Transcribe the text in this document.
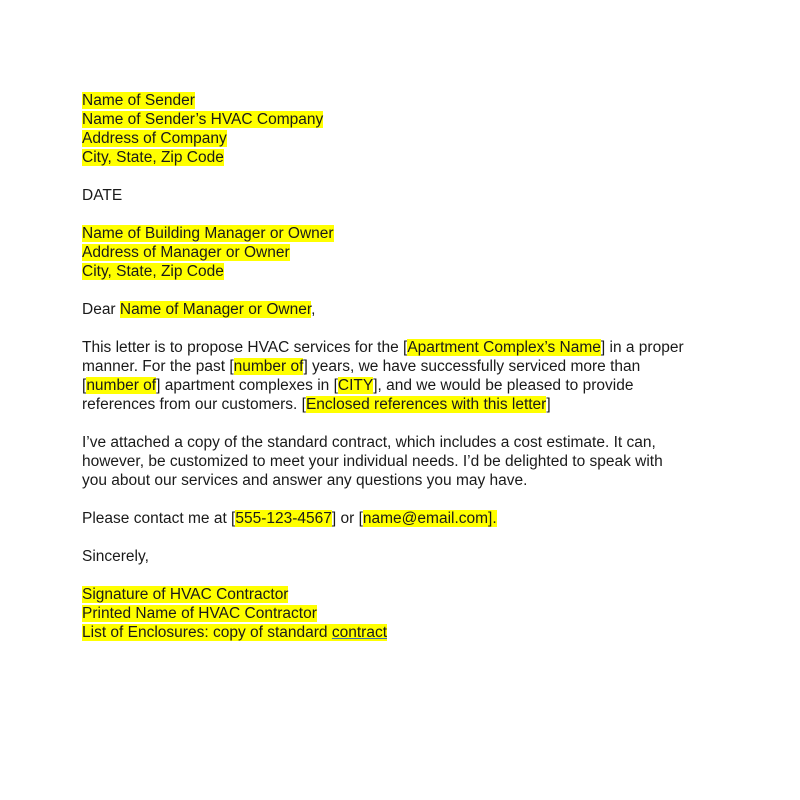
Name of Sender
Name of Sender’s HVAC Company
Address of Company
City, State, Zip Code
DATE
Name of Building Manager or Owner
Address of Manager or Owner
City, State, Zip Code
Dear Name of Manager or Owner,
This letter is to propose HVAC services for the [Apartment Complex’s Name] in a proper
manner. For the past [number of] years, we have successfully serviced more than
[number of] apartment complexes in [CITY], and we would be pleased to provide
references from our customers. [Enclosed references with this letter]
I’ve attached a copy of the standard contract, which includes a cost estimate. It can,
however, be customized to meet your individual needs. I’d be delighted to speak with
you about our services and answer any questions you may have.
Please contact me at [555-123-4567] or [name@email.com].
Sincerely,
Signature of HVAC Contractor
Printed Name of HVAC Contractor
List of Enclosures: copy of standard contract
